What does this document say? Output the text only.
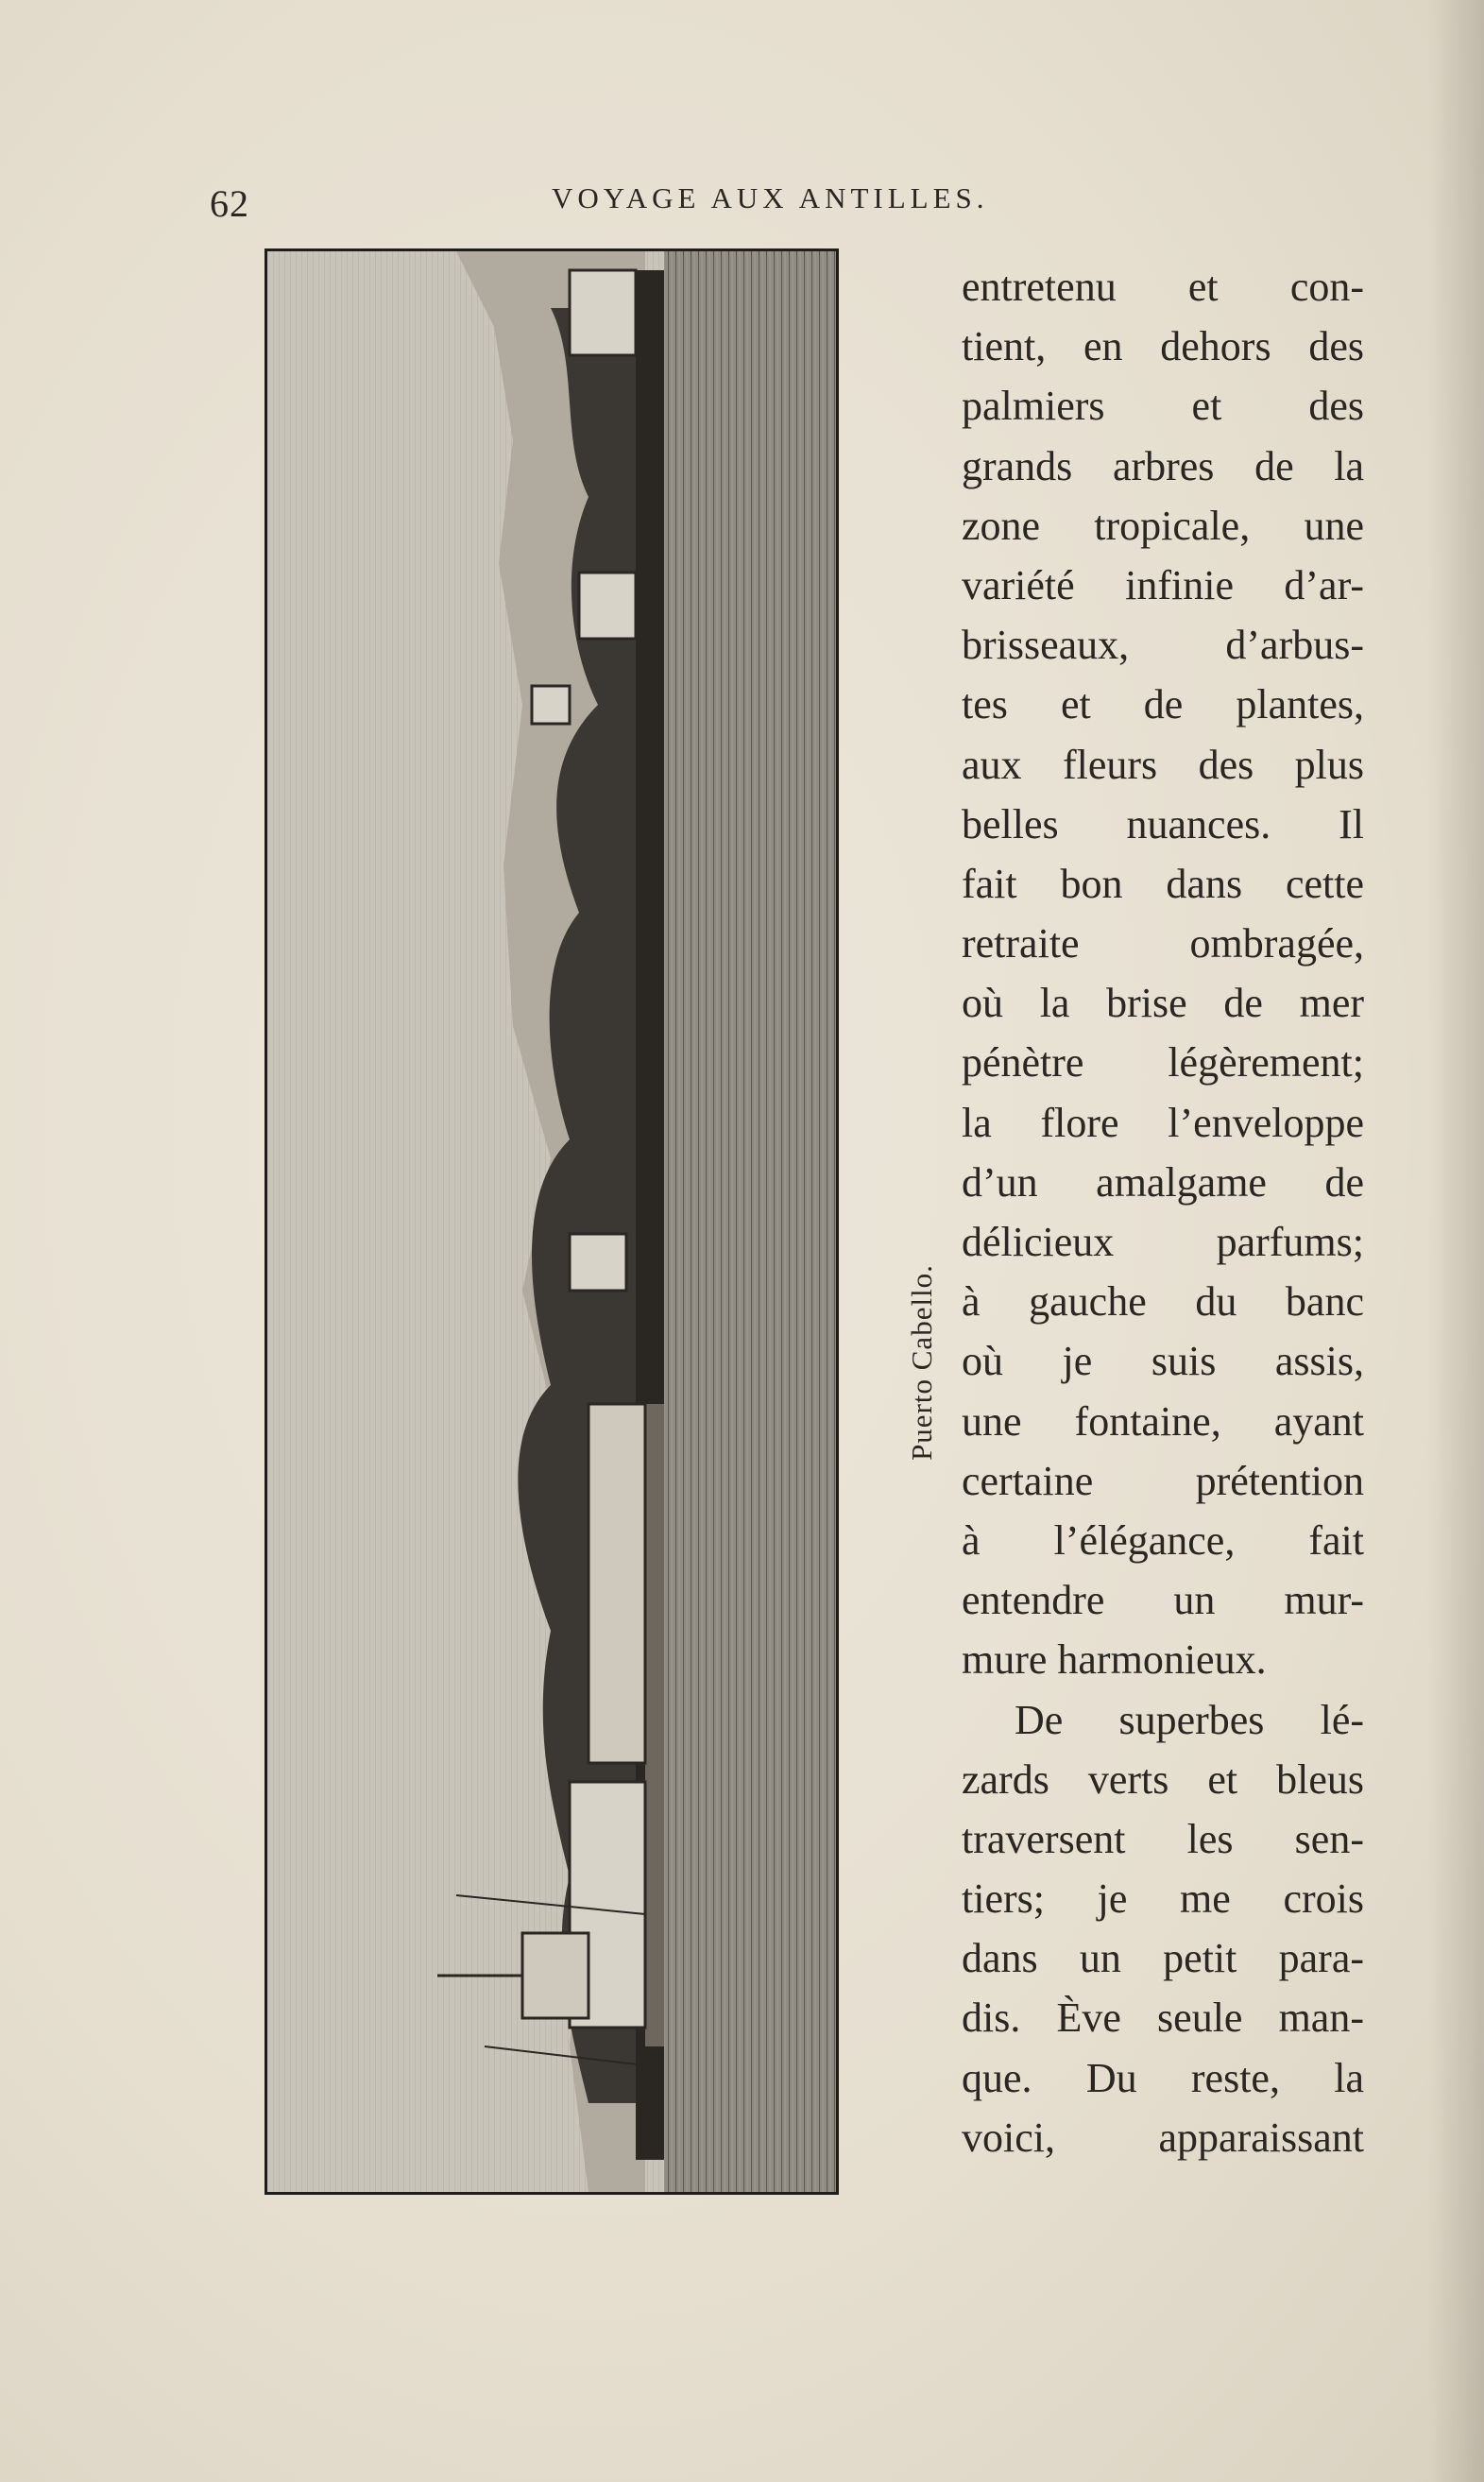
62	VOYAGE AUX ANTILLES.
Puerto Cabello.
entretenu et con-
tient, en dehors des
palmiers et des
grands arbres de la
zone tropicale, une
variété infinie d’ar-
brisseaux, d’arbus-
tes et de plantes,
aux fleurs des plus
belles nuances. Il
fait bon dans cette
retraite ombragée,
où la brise de mer
pénètre légèrement;
la flore l’enveloppe
d’un amalgame de
délicieux parfums;
à gauche du banc
où je suis assis,
une fontaine, ayant
certaine prétention
à l’élégance, fait
entendre un mur-
mure harmonieux.
De superbes lé-
zards verts et bleus
traversent les sen-
tiers; je me crois
dans un petit para-
dis. Ève seule man-
que. Du reste, la
voici, apparaissant
